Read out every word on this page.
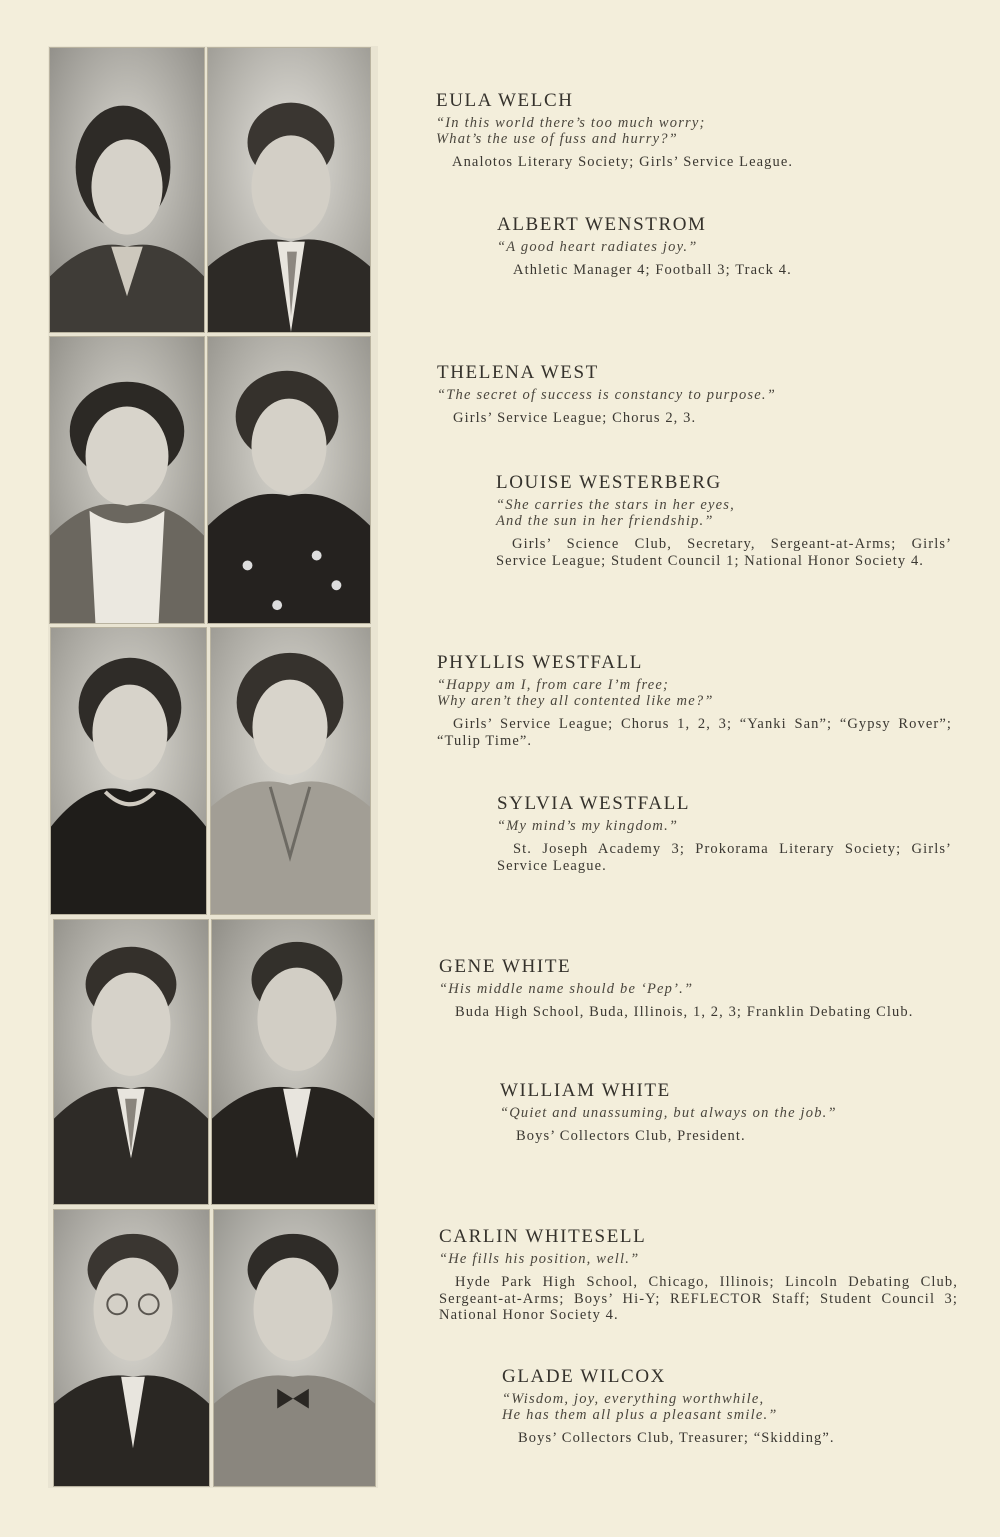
EULA WELCH

“In this world there’s too much worry;
What’s the use of fuss and hurry?”

Analotos Literary Society; Girls’ Service League.

ALBERT WENSTROM

“A good heart radiates joy.”

Athletic Manager 4; Football 3; Track 4.

THELENA WEST

“The secret of success is constancy to purpose.”

Girls’ Service League; Chorus 2, 3.

LOUISE WESTERBERG

“She carries the stars in her eyes,
And the sun in her friendship.”

Girls’ Science Club, Secretary, Sergeant-at-Arms; Girls’ Service League; Student Council 1; National Honor Society 4.

PHYLLIS WESTFALL

“Happy am I, from care I’m free;
Why aren’t they all contented like me?”

Girls’ Service League; Chorus 1, 2, 3; “Yanki San”; “Gypsy Rover”; “Tulip Time”.

SYLVIA WESTFALL

“My mind’s my kingdom.”

St. Joseph Academy 3; Prokorama Literary Society; Girls’ Service League.

GENE WHITE

“His middle name should be ‘Pep’.”

Buda High School, Buda, Illinois, 1, 2, 3; Franklin Debating Club.

WILLIAM WHITE

“Quiet and unassuming, but always on the job.”

Boys’ Collectors Club, President.

CARLIN WHITESELL

“He fills his position, well.”

Hyde Park High School, Chicago, Illinois; Lincoln Debating Club, Sergeant-at-Arms; Boys’ Hi-Y; REFLECTOR Staff; Student Council 3; National Honor Society 4.

GLADE WILCOX

“Wisdom, joy, everything worthwhile,
He has them all plus a pleasant smile.”

Boys’ Collectors Club, Treasurer; “Skidding”.
